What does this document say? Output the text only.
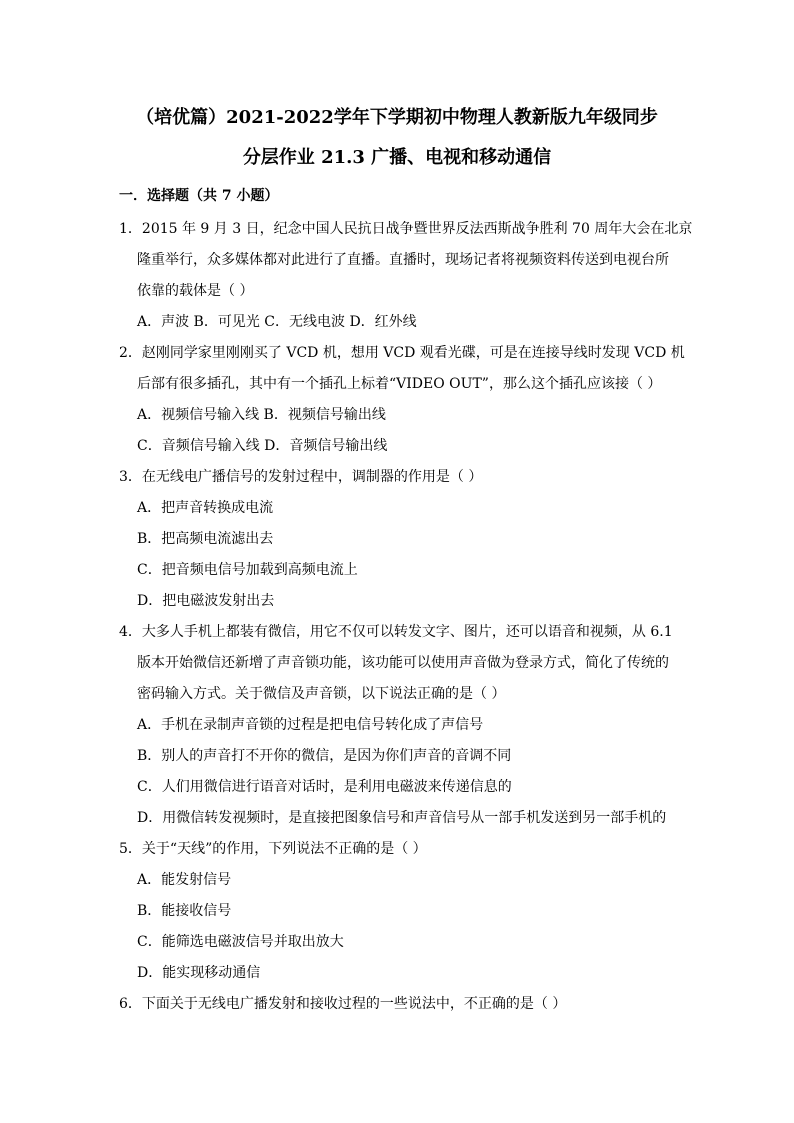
（培优篇）2021-2022学年下学期初中物理人教新版九年级同步
分层作业 21.3 广播、电视和移动通信
一．选择题（共 7 小题）
1．2015 年 9 月 3 日，纪念中国人民抗日战争暨世界反法西斯战争胜利 70 周年大会在北京
隆重举行，众多媒体都对此进行了直播。直播时，现场记者将视频资料传送到电视台所
依靠的载体是（ ）
A．声波 B．可见光 C．无线电波 D．红外线
2．赵刚同学家里刚刚买了 VCD 机，想用 VCD 观看光碟，可是在连接导线时发现 VCD 机
后部有很多插孔，其中有一个插孔上标着“VIDEO OUT”，那么这个插孔应该接（ ）
A．视频信号输入线 B．视频信号输出线
C．音频信号输入线 D．音频信号输出线
3．在无线电广播信号的发射过程中，调制器的作用是（ ）
A．把声音转换成电流
B．把高频电流滤出去
C．把音频电信号加载到高频电流上
D．把电磁波发射出去
4．大多人手机上都装有微信，用它不仅可以转发文字、图片，还可以语音和视频，从 6.1
版本开始微信还新增了声音锁功能，该功能可以使用声音做为登录方式，简化了传统的
密码输入方式。关于微信及声音锁，以下说法正确的是（ ）
A．手机在录制声音锁的过程是把电信号转化成了声信号
B．别人的声音打不开你的微信，是因为你们声音的音调不同
C．人们用微信进行语音对话时，是利用电磁波来传递信息的
D．用微信转发视频时，是直接把图象信号和声音信号从一部手机发送到另一部手机的
5．关于“天线”的作用，下列说法不正确的是（ ）
A．能发射信号
B．能接收信号
C．能筛选电磁波信号并取出放大
D．能实现移动通信
6．下面关于无线电广播发射和接收过程的一些说法中，不正确的是（ ）
